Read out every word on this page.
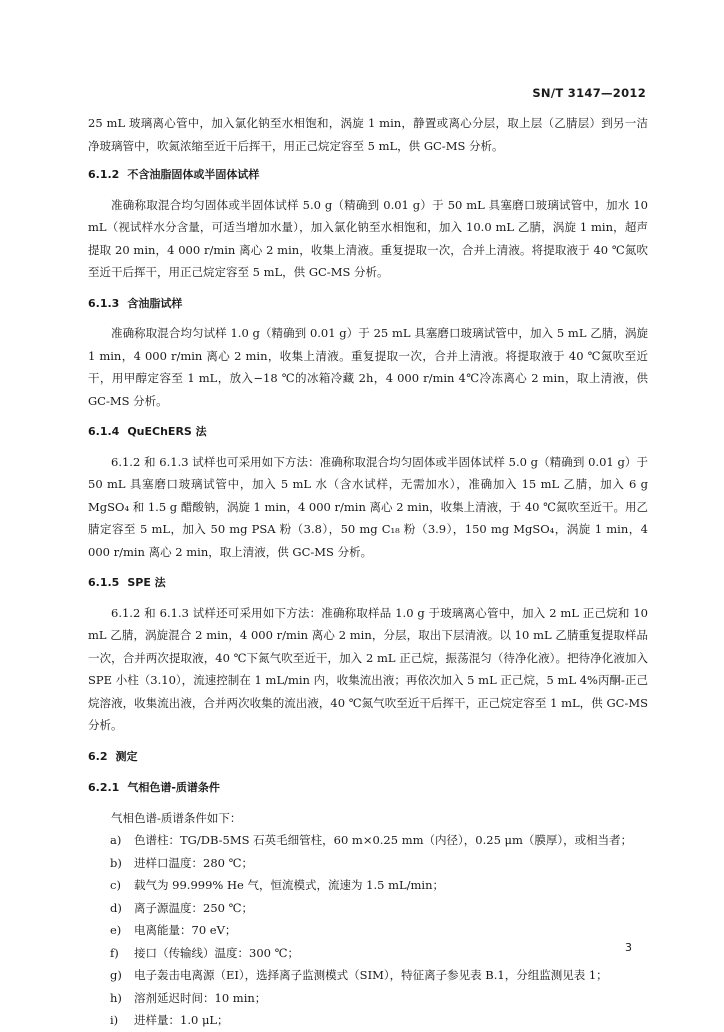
SN/T 3147—2012

25 mL 玻璃离心管中，加入氯化钠至水相饱和，涡旋 1 min，静置或离心分层，取上层（乙腈层）到另一洁净玻璃管中，吹氮浓缩至近干后挥干，用正己烷定容至 5 mL，供 GC-MS 分析。

6.1.2 不含油脂固体或半固体试样

准确称取混合均匀固体或半固体试样 5.0 g（精确到 0.01 g）于 50 mL 具塞磨口玻璃试管中，加水 10 mL（视试样水分含量，可适当增加水量），加入氯化钠至水相饱和，加入 10.0 mL 乙腈，涡旋 1 min，超声提取 20 min，4 000 r/min 离心 2 min，收集上清液。重复提取一次，合并上清液。将提取液于 40 ℃氮吹至近干后挥干，用正己烷定容至 5 mL，供 GC-MS 分析。

6.1.3 含油脂试样

准确称取混合均匀试样 1.0 g（精确到 0.01 g）于 25 mL 具塞磨口玻璃试管中，加入 5 mL 乙腈，涡旋 1 min，4 000 r/min 离心 2 min，收集上清液。重复提取一次，合并上清液。将提取液于 40 ℃氮吹至近干，用甲醇定容至 1 mL，放入−18 ℃的冰箱冷藏 2h，4 000 r/min 4℃冷冻离心 2 min，取上清液，供 GC-MS 分析。

6.1.4 QuEChERS 法

6.1.2 和 6.1.3 试样也可采用如下方法：准确称取混合均匀固体或半固体试样 5.0 g（精确到 0.01 g）于 50 mL 具塞磨口玻璃试管中，加入 5 mL 水（含水试样，无需加水），准确加入 15 mL 乙腈，加入 6 g MgSO₄ 和 1.5 g 醋酸钠，涡旋 1 min，4 000 r/min 离心 2 min，收集上清液，于 40 ℃氮吹至近干。用乙腈定容至 5 mL，加入 50 mg PSA 粉（3.8），50 mg C₁₈ 粉（3.9），150 mg MgSO₄，涡旋 1 min，4 000 r/min 离心 2 min，取上清液，供 GC-MS 分析。

6.1.5 SPE 法

6.1.2 和 6.1.3 试样还可采用如下方法：准确称取样品 1.0 g 于玻璃离心管中，加入 2 mL 正己烷和 10 mL 乙腈，涡旋混合 2 min，4 000 r/min 离心 2 min，分层，取出下层清液。以 10 mL 乙腈重复提取样品一次，合并两次提取液，40 ℃下氮气吹至近干，加入 2 mL 正己烷，振荡混匀（待净化液）。把待净化液加入 SPE 小柱（3.10），流速控制在 1 mL/min 内，收集流出液；再依次加入 5 mL 正己烷，5 mL 4%丙酮-正己烷溶液，收集流出液，合并两次收集的流出液，40 ℃氮气吹至近干后挥干，正己烷定容至 1 mL，供 GC-MS 分析。

6.2 测定
6.2.1 气相色谱-质谱条件

气相色谱-质谱条件如下：

a) 色谱柱：TG/DB-5MS 石英毛细管柱，60 m×0.25 mm（内径），0.25 μm（膜厚），或相当者；
b) 进样口温度：280 ℃；
c) 载气为 99.999% He 气，恒流模式，流速为 1.5 mL/min；
d) 离子源温度：250 ℃；
e) 电离能量：70 eV；
f) 接口（传输线）温度：300 ℃；
g) 电子轰击电离源（EI），选择离子监测模式（SIM），特征离子参见表 B.1，分组监测见表 1；
h) 溶剂延迟时间：10 min；
i) 进样量：1.0 μL；
3
